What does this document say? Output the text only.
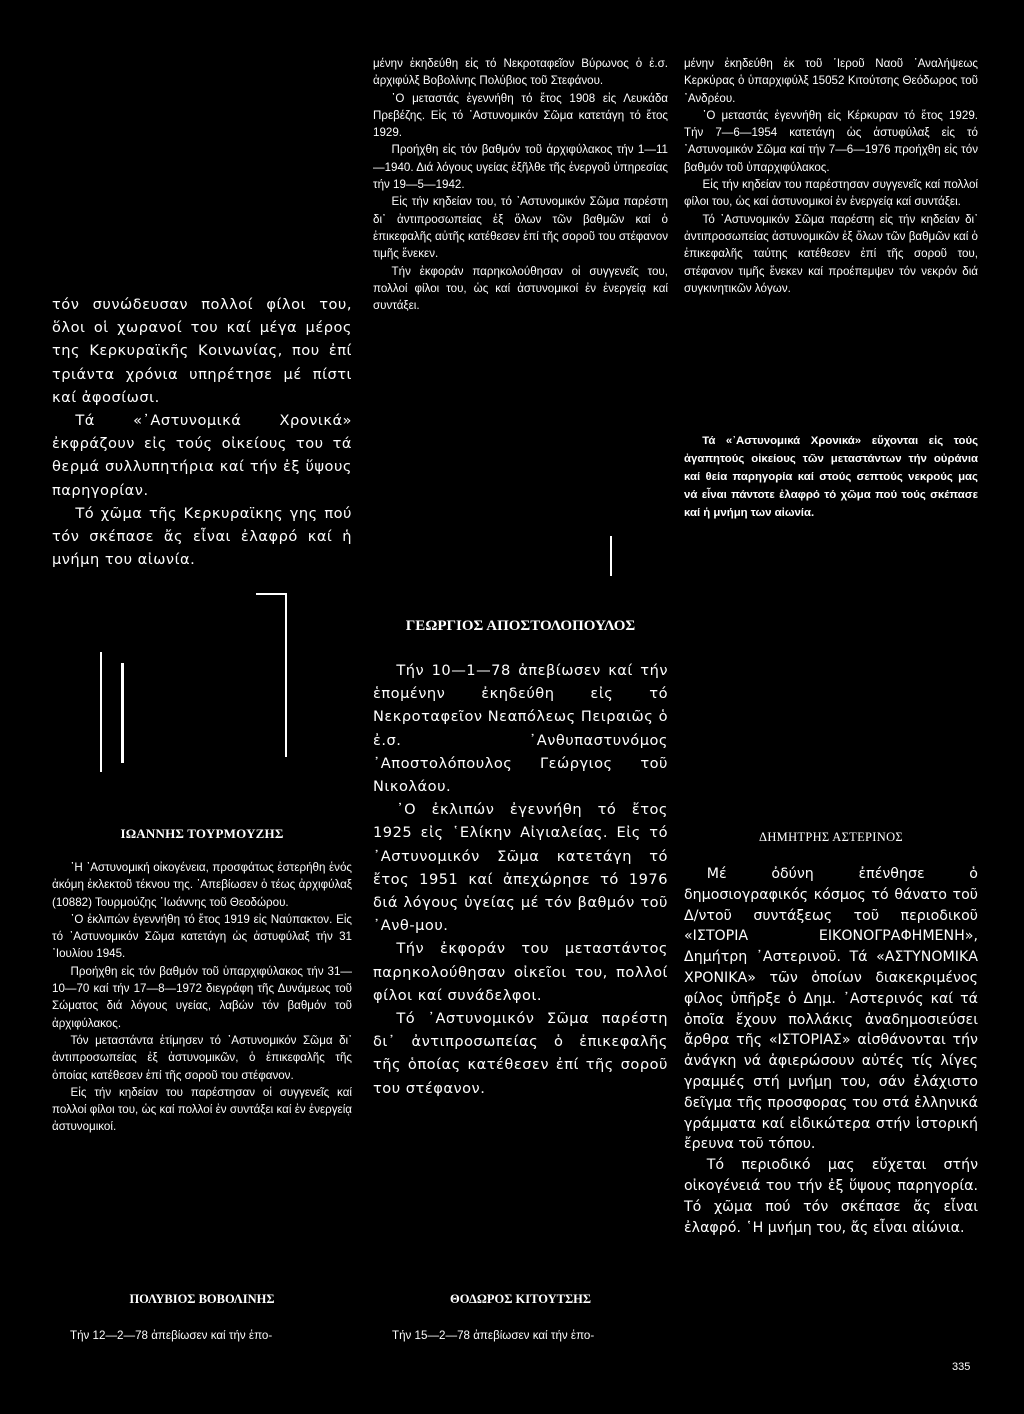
τόν συνώδευσαν πολλοί φίλοι του, ὅλοι οἱ χωρανοί του καί μέγα μέρος της Κερκυραϊκῆς Κοινωνίας, που ἐπί τριάντα χρόνια υπηρέτησε μέ πίστι καί ἀφοσίωσι.

Τά «᾿Αστυνομικά Χρονικά» ἐκφράζουν εἰς τούς οἰκείους του τά θερμά συλλυπητήρια καί τήν ἐξ ὕψους παρηγορίαν.

Τό χῶμα τῆς Κερκυραϊκης γης πού τόν σκέπασε ἄς εἶναι ἐλαφρό καί ἡ μνήμη του αἰωνία.

μένην ἐκηδεύθη εἰς τό Νεκροταφεῖον Βύρωνος ὁ ἐ.σ. ἀρχιφύλξ Βοβολίνης Πολύβιος τοῦ Στεφάνου.

᾿Ο μεταστάς ἐγεννήθη τό ἔτος 1908 εἰς Λευκάδα Πρεβέζης. Εἰς τό ᾿Αστυνομικόν Σῶμα κατετάγη τό ἔτος 1929.

Προήχθη εἰς τόν βαθμόν τοῦ ἀρχιφύλακος τήν 1—11—1940. Διά λόγους υγείας ἐξῆλθε τῆς ἐνεργοῦ ὑπηρεσίας τήν 19—5—1942.

Εἰς τήν κηδείαν του, τό ᾿Αστυνομικόν Σῶμα παρέστη δι᾿ ἀντιπροσωπείας ἐξ ὅλων τῶν βαθμῶν καί ὁ ἐπικεφαλῆς αὐτῆς κατέθεσεν ἐπί τῆς σοροῦ του στέφανον τιμῆς ἕνεκεν.

Τήν ἐκφοράν παρηκολούθησαν οἱ συγγενεῖς του, πολλοί φίλοι του, ὡς καί ἀστυνομικοί ἐν ἐνεργείᾳ καί συντάξει.

μένην ἐκηδεύθη ἐκ τοῦ ῾Ιεροῦ Ναοῦ ᾿Αναλήψεως Κερκύρας ὁ ὑπαρχιφύλξ 15052 Κιτούτσης Θεόδωρος τοῦ ᾿Ανδρέου.

᾿Ο μεταστάς ἐγεννήθη εἰς Κέρκυραν τό ἔτος 1929. Τήν 7—6—1954 κατετάγη ὡς ἀστυφύλαξ εἰς τό ᾿Αστυνομικόν Σῶμα καί τήν 7—6—1976 προήχθη εἰς τόν βαθμόν τοῦ ὑπαρχιφύλακος.

Εἰς τήν κηδείαν του παρέστησαν συγγενεῖς καί πολλοί φίλοι του, ὡς καί ἀστυνομικοί ἐν ἐνεργείᾳ καί συντάξει.

Τό ᾿Αστυνομικόν Σῶμα παρέστη εἰς τήν κηδείαν δι᾿ ἀντιπροσωπείας ἀστυνομικῶν ἐξ ὅλων τῶν βαθμῶν καί ὁ ἐπικεφαλῆς ταύτης κατέθεσεν ἐπί τῆς σοροῦ του, στέφανον τιμῆς ἕνεκεν καί προέπεμψεν τόν νεκρόν διά συγκινητικῶν λόγων.

Τά «᾿Αστυνομικά Χρονικά» εὔχονται εἰς τούς ἀγαπητούς οἰκείους τῶν μεταστάντων τήν οὐράνια καί θεία παρηγορία καί στούς σεπτούς νεκρούς μας νά εἶναι πάντοτε ἐλαφρό τό χῶμα πού τούς σκέπασε καί ἡ μνήμη των αἰωνία.

ΙΩΑΝΝΗΣ ΤΟΥΡΜΟΥΖΗΣ

῾Η ᾿Αστυνομική οἰκογένεια, προσφάτως ἐστερήθη ἑνός ἀκόμη ἐκλεκτοῦ τέκνου της. ᾿Απεβίωσεν ὁ τέως ἀρχιφύλαξ (10882) Τουρμούζης ᾿Ιωάννης τοῦ Θεοδώρου.

᾿Ο ἐκλιπών ἐγεννήθη τό ἔτος 1919 εἰς Ναύπακτον. Εἰς τό ᾿Αστυνομικόν Σῶμα κατετάγη ὡς ἀστυφύλαξ τήν 31 ᾿Ιουλίου 1945.

Προήχθη εἰς τόν βαθμόν τοῦ ὑπαρχιφύλακος τήν 31—10—70 καί τήν 17—8—1972 διεγράφη τῆς Δυνάμεως τοῦ Σώματος διά λόγους υγείας, λαβών τόν βαθμόν τοῦ ἀρχιφύλακος.

Τόν μεταστάντα ἐτίμησεν τό ᾿Αστυνομικόν Σῶμα δι᾿ ἀντιπροσωπείας ἐξ ἀστυνομικῶν, ὁ ἐπικεφαλῆς τῆς ὁποίας κατέθεσεν ἐπί τῆς σοροῦ του στέφανον.

Εἰς τήν κηδείαν του παρέστησαν οἱ συγγενεῖς καί πολλοί φίλοι του, ὡς καί πολλοί ἐν συντάξει καί ἐν ἐνεργείᾳ ἀστυνομικοί.

ΠΟΛΥΒΙΟΣ ΒΟΒΟΛΙΝΗΣ
Τήν 12—2—78 ἀπεβίωσεν καί τήν ἑπο-
ΓΕΩΡΓΙΟΣ ΑΠΟΣΤΟΛΟΠΟΥΛΟΣ

Τήν 10—1—78 ἀπεβίωσεν καί τήν ἑπομένην ἐκηδεύθη εἰς τό Νεκροταφεῖον Νεαπόλεως Πειραιῶς ὁ ἐ.σ. ᾿Ανθυπαστυνόμος ᾿Αποστολόπουλος Γεώργιος τοῦ Νικολάου.

᾿Ο ἐκλιπών ἐγεννήθη τό ἔτος 1925 εἰς ῾Ελίκην Αἰγιαλείας. Εἰς τό ᾿Αστυνομικόν Σῶμα κατετάγη τό ἔτος 1951 καί ἀπεχώρησε τό 1976 διά λόγους ὑγείας μέ τόν βαθμόν τοῦ ᾿Ανθ-μου.

Τήν ἐκφοράν του μεταστάντος παρηκολούθησαν οἰκεῖοι του, πολλοί φίλοι καί συνάδελφοι.

Τό ᾿Αστυνομικόν Σῶμα παρέστη δι᾿ ἀντιπροσωπείας ὁ ἐπικεφαλῆς τῆς ὁποίας κατέθεσεν ἐπί τῆς σοροῦ του στέφανον.

ΘΟΔΩΡΟΣ ΚΙΤΟΥΤΣΗΣ
Τήν 15—2—78 ἀπεβίωσεν καί τήν ἑπο-
ΔΗΜΗΤΡΗΣ ΑΣΤΕΡΙΝΟΣ

Μέ ὀδύνη ἐπένθησε ὁ δημοσιογραφικός κόσμος τό θάνατο τοῦ Δ/ντοῦ συντάξεως τοῦ περιοδικοῦ «ΙΣΤΟΡΙΑ ΕΙΚΟΝΟΓΡΑΦΗΜΕΝΗ», Δημήτρη ᾿Αστερινοῦ. Τά «ΑΣΤΥΝΟΜΙΚΑ ΧΡΟΝΙΚΑ» τῶν ὁποίων διακεκριμένος φίλος ὑπῆρξε ὁ Δημ. ᾿Αστερινός καί τά ὁποῖα ἔχουν πολλάκις ἀναδημοσιεύσει ἄρθρα τῆς «ΙΣΤΟΡΙΑΣ» αἰσθάνονται τήν ἀνάγκη νά ἀφιερώσουν αὐτές τίς λίγες γραμμές στή μνήμη του, σάν ἐλάχιστο δεῖγμα τῆς προσφορας του στά ἑλληνικά γράμματα καί εἰδικώτερα στήν ἱστορική ἔρευνα τοῦ τόπου.

Τό περιοδικό μας εὔχεται στήν οἰκογένειά του τήν ἐξ ὕψους παρηγορία. Τό χῶμα πού τόν σκέπασε ἄς εἶναι ἐλαφρό. ῾Η μνήμη του, ἄς εἶναι αἰώνια.

335
